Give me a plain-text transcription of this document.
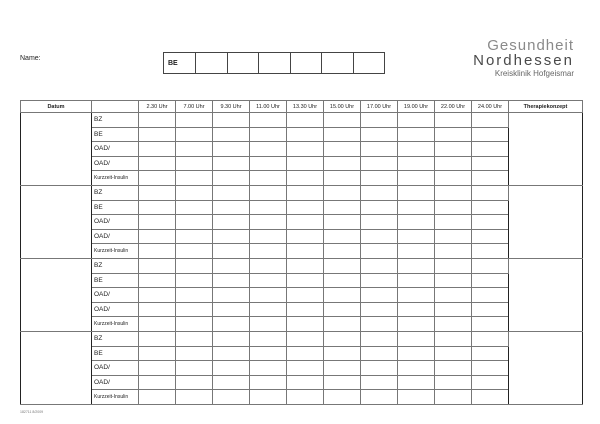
Name:
BE						
Gesundheit
Nordhessen
Kreisklinik Hofgeismar
Datum		2.30 Uhr	7.00 Uhr	9.30 Uhr	11.00 Uhr	13.30 Uhr	15.00 Uhr	17.00 Uhr	19.00 Uhr	22.00 Uhr	24.00 Uhr	Therapiekonzept
	BZ											
	BE											
	OAD/											
	OAD/											
	Kurzzeit-Insulin											
	BZ											
	BE											
	OAD/											
	OAD/											
	Kurzzeit-Insulin											
	BZ											
	BE											
	OAD/											
	OAD/											
	Kurzzeit-Insulin											
	BZ											
	BE											
	OAD/											
	OAD/											
	Kurzzeit-Insulin											
182711 8/2009
